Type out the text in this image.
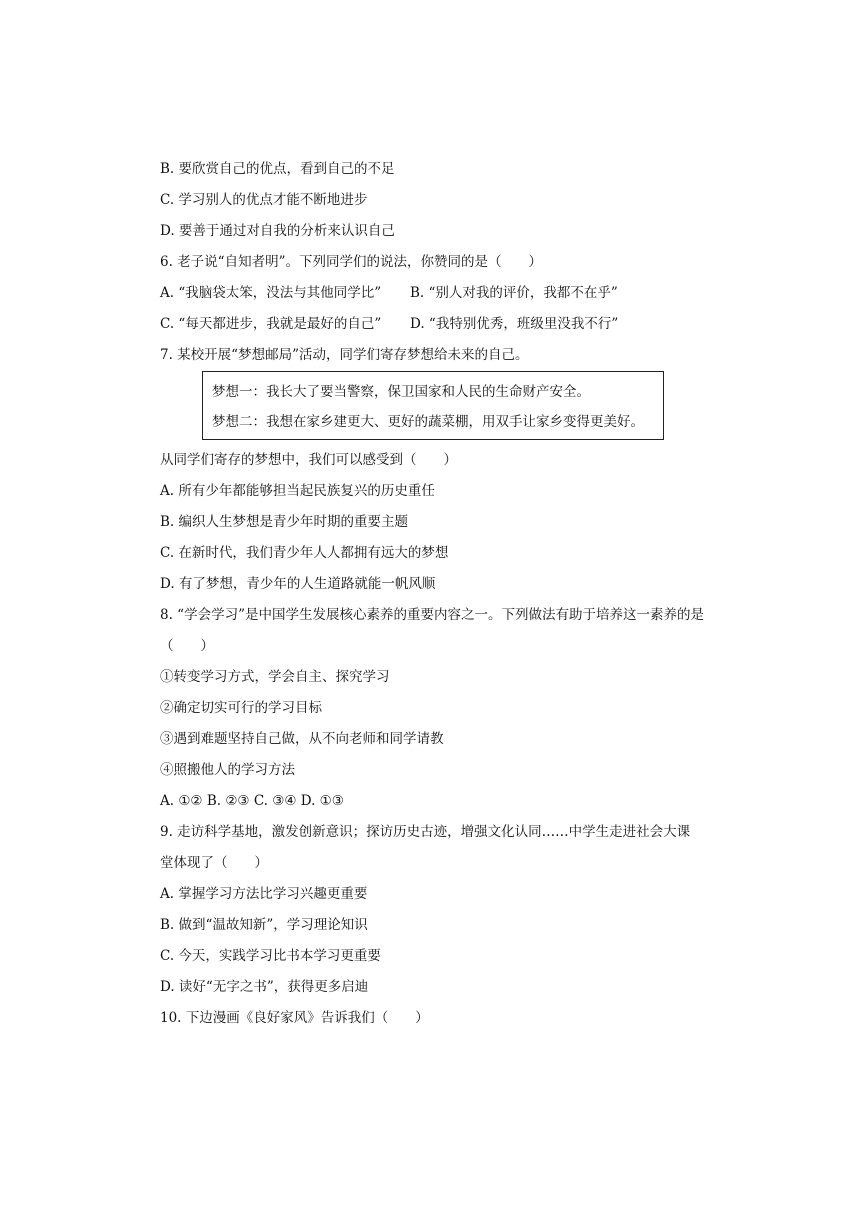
B. 要欣赏自己的优点，看到自己的不足
C. 学习别人的优点才能不断地进步
D. 要善于通过对自我的分析来认识自己
6. 老子说“自知者明”。下列同学们的说法，你赞同的是（　　）
A. “我脑袋太笨，没法与其他同学比” B. “别人对我的评价，我都不在乎”
C. “每天都进步，我就是最好的自己” D. “我特别优秀，班级里没我不行”
7. 某校开展“梦想邮局”活动，同学们寄存梦想给未来的自己。
梦想一：我长大了要当警察，保卫国家和人民的生命财产安全。
梦想二：我想在家乡建更大、更好的蔬菜棚，用双手让家乡变得更美好。
从同学们寄存的梦想中，我们可以感受到（　　）
A. 所有少年都能够担当起民族复兴的历史重任
B. 编织人生梦想是青少年时期的重要主题
C. 在新时代，我们青少年人人都拥有远大的梦想
D. 有了梦想，青少年的人生道路就能一帆风顺
8. “学会学习”是中国学生发展核心素养的重要内容之一。下列做法有助于培养这一素养的是
（　　）
①转变学习方式，学会自主、探究学习
②确定切实可行的学习目标
③遇到难题坚持自己做，从不向老师和同学请教
④照搬他人的学习方法
A. ①② B. ②③ C. ③④ D. ①③
9. 走访科学基地，激发创新意识；探访历史古迹，增强文化认同……中学生走进社会大课
堂体现了（　　）
A. 掌握学习方法比学习兴趣更重要
B. 做到“温故知新”，学习理论知识
C. 今天，实践学习比书本学习更重要
D. 读好“无字之书”，获得更多启迪
10. 下边漫画《良好家风》告诉我们（　　）
